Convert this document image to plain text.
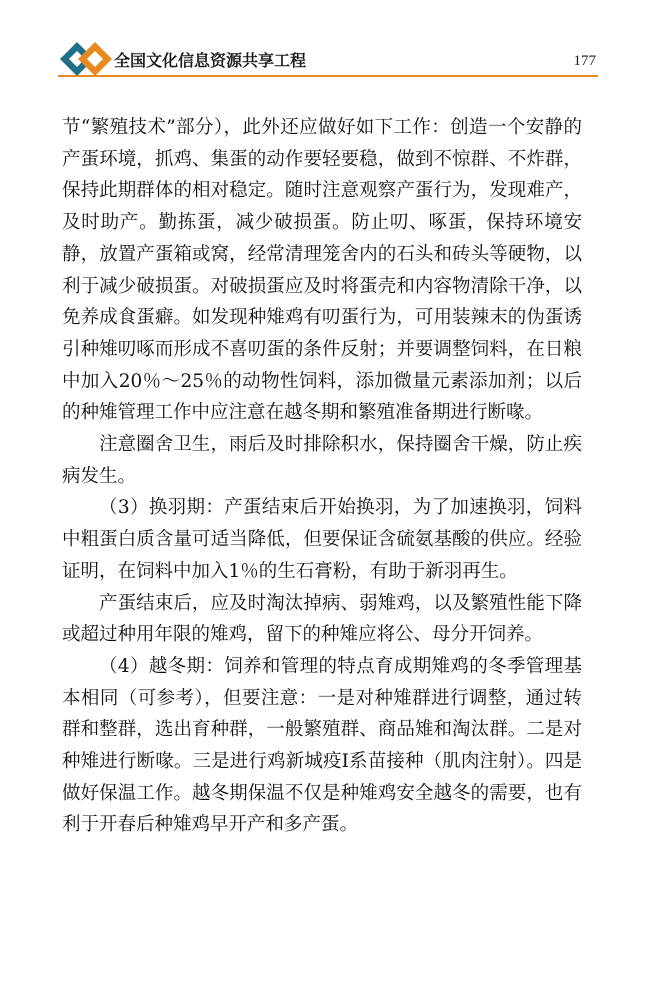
全国文化信息资源共享工程	177

节“繁殖技术”部分），此外还应做好如下工作：创造一个安静的产蛋环境，抓鸡、集蛋的动作要轻要稳，做到不惊群、不炸群，保持此期群体的相对稳定。随时注意观察产蛋行为，发现难产，及时助产。勤拣蛋，减少破损蛋。防止叨、啄蛋，保持环境安静，放置产蛋箱或窝，经常清理笼舍内的石头和砖头等硬物，以利于减少破损蛋。对破损蛋应及时将蛋壳和内容物清除干净，以免养成食蛋癖。如发现种雉鸡有叨蛋行为，可用装辣末的伪蛋诱引种雉叨啄而形成不喜叨蛋的条件反射；并要调整饲料，在日粮中加入20％～25％的动物性饲料，添加微量元素添加剂；以后的种雉管理工作中应注意在越冬期和繁殖准备期进行断喙。

注意圈舍卫生，雨后及时排除积水，保持圈舍干燥，防止疾病发生。

（3）换羽期：产蛋结束后开始换羽，为了加速换羽，饲料中粗蛋白质含量可适当降低，但要保证含硫氨基酸的供应。经验证明，在饲料中加入1％的生石膏粉，有助于新羽再生。

产蛋结束后，应及时淘汰掉病、弱雉鸡，以及繁殖性能下降或超过种用年限的雉鸡，留下的种雉应将公、母分开饲养。

（4）越冬期：饲养和管理的特点育成期雉鸡的冬季管理基本相同（可参考），但要注意：一是对种雉群进行调整，通过转群和整群，选出育种群，一般繁殖群、商品雉和淘汰群。二是对种雉进行断喙。三是进行鸡新城疫Ⅰ系苗接种（肌肉注射）。四是做好保温工作。越冬期保温不仅是种雉鸡安全越冬的需要，也有利于开春后种雉鸡早开产和多产蛋。
